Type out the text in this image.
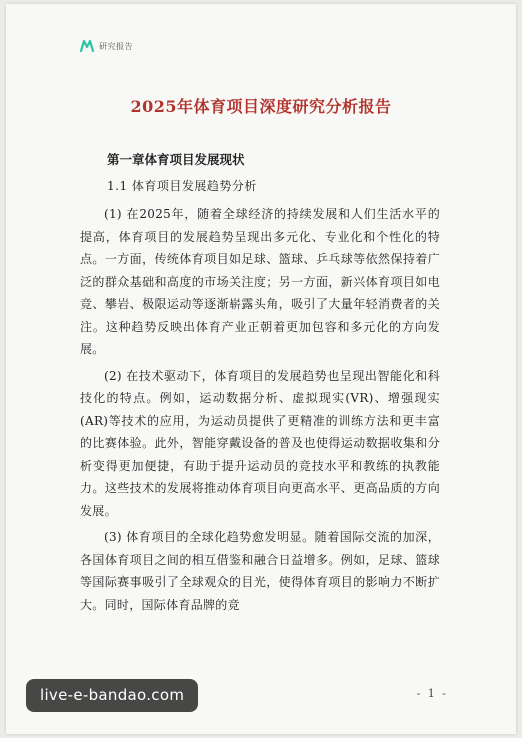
研究报告
2025年体育项目深度研究分析报告
第一章体育项目发展现状
1.1 体育项目发展趋势分析

(1) 在2025年，随着全球经济的持续发展和人们生活水平的提高，体育项目的发展趋势呈现出多元化、专业化和个性化的特点。一方面，传统体育项目如足球、篮球、乒乓球等依然保持着广泛的群众基础和高度的市场关注度；另一方面，新兴体育项目如电竞、攀岩、极限运动等逐渐崭露头角，吸引了大量年轻消费者的关注。这种趋势反映出体育产业正朝着更加包容和多元化的方向发展。

(2) 在技术驱动下，体育项目的发展趋势也呈现出智能化和科技化的特点。例如，运动数据分析、虚拟现实(VR)、增强现实(AR)等技术的应用，为运动员提供了更精准的训练方法和更丰富的比赛体验。此外，智能穿戴设备的普及也使得运动数据收集和分析变得更加便捷，有助于提升运动员的竞技水平和教练的执教能力。这些技术的发展将推动体育项目向更高水平、更高品质的方向发展。

(3) 体育项目的全球化趋势愈发明显。随着国际交流的加深，各国体育项目之间的相互借鉴和融合日益增多。例如，足球、篮球等国际赛事吸引了全球观众的目光，使得体育项目的影响力不断扩大。同时，国际体育品牌的竞

- 1 -
live-e-bandao.com
